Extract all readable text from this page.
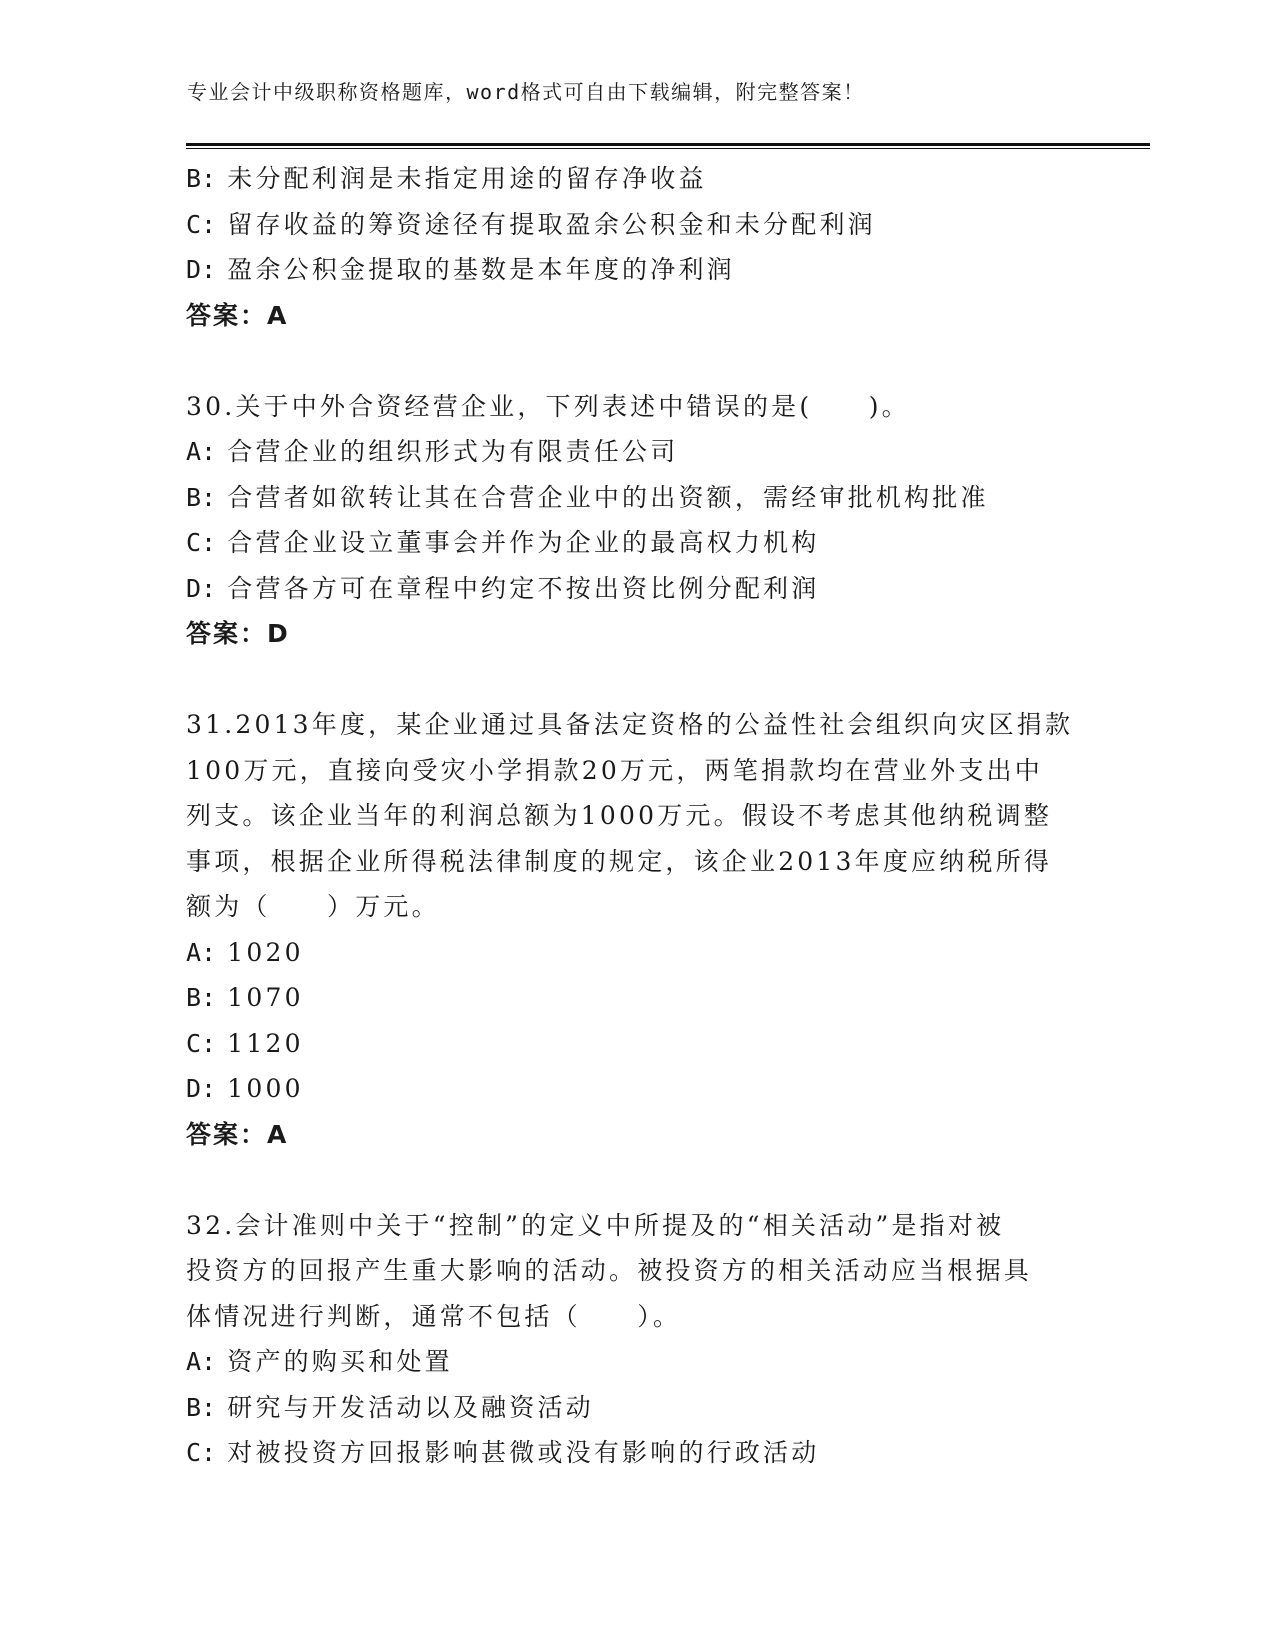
专业会计中级职称资格题库，word格式可自由下载编辑，附完整答案！
B: 未分配利润是未指定用途的留存净收益
C: 留存收益的筹资途径有提取盈余公积金和未分配利润
D: 盈余公积金提取的基数是本年度的净利润
答案：A
30.关于中外合资经营企业，下列表述中错误的是(　　)。
A: 合营企业的组织形式为有限责任公司
B: 合营者如欲转让其在合营企业中的出资额，需经审批机构批准
C: 合营企业设立董事会并作为企业的最高权力机构
D: 合营各方可在章程中约定不按出资比例分配利润
答案：D
31.2013年度，某企业通过具备法定资格的公益性社会组织向灾区捐款
100万元，直接向受灾小学捐款20万元，两笔捐款均在营业外支出中
列支。该企业当年的利润总额为1000万元。假设不考虑其他纳税调整
事项，根据企业所得税法律制度的规定，该企业2013年度应纳税所得
额为（　　）万元。
A: 1020
B: 1070
C: 1120
D: 1000
答案：A
32.会计准则中关于“控制”的定义中所提及的“相关活动”是指对被
投资方的回报产生重大影响的活动。被投资方的相关活动应当根据具
体情况进行判断，通常不包括（　　）。
A: 资产的购买和处置
B: 研究与开发活动以及融资活动
C: 对被投资方回报影响甚微或没有影响的行政活动
